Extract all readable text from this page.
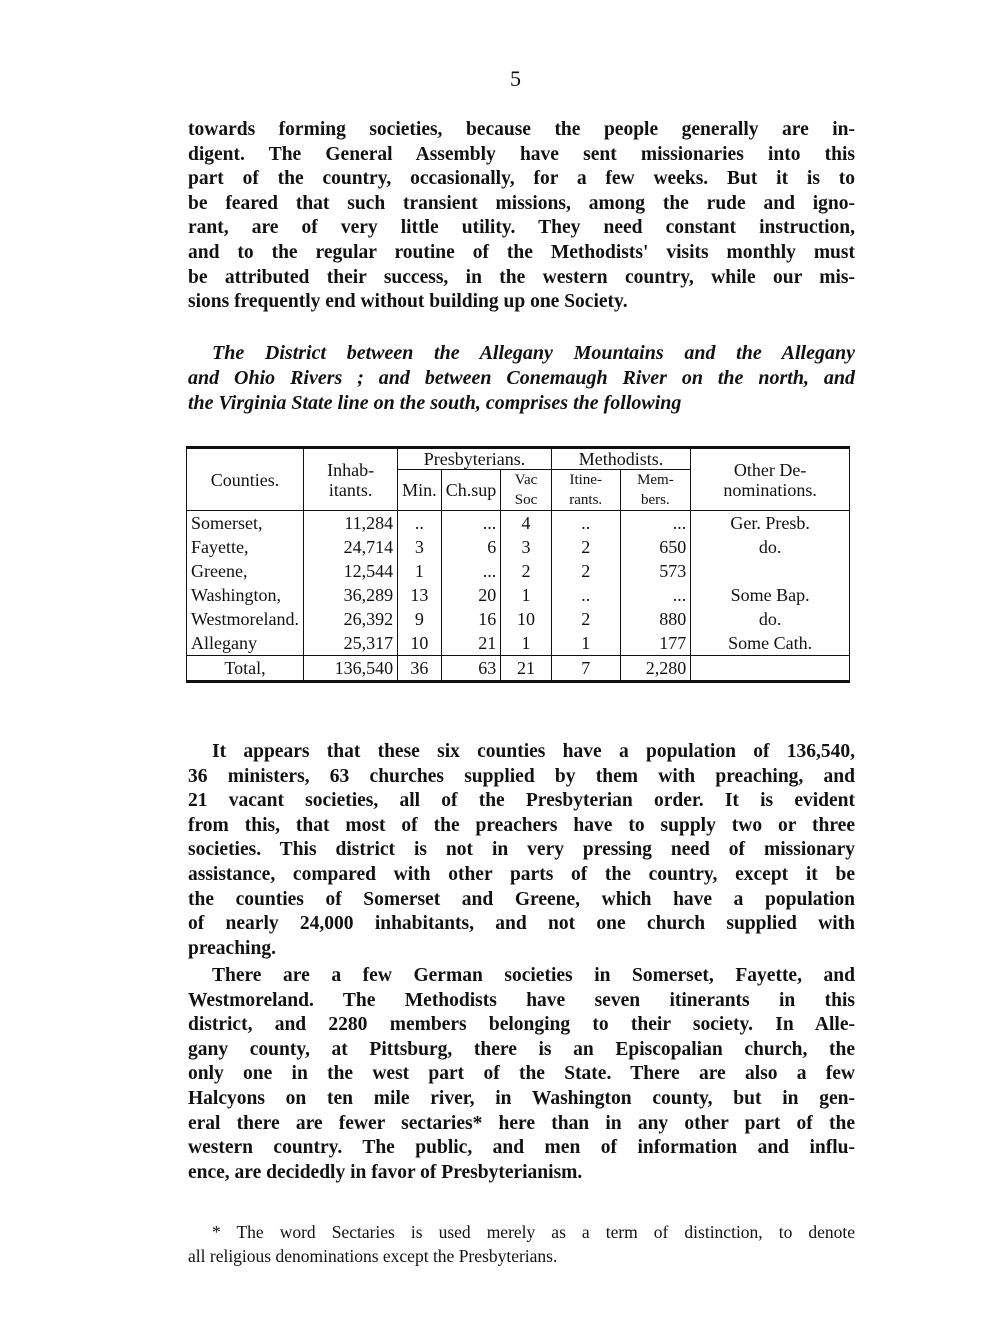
5
towards forming societies, because the people generally are in-
digent. The General Assembly have sent missionaries into this
part of the country, occasionally, for a few weeks. But it is to
be feared that such transient missions, among the rude and igno-
rant, are of very little utility. They need constant instruction,
and to the regular routine of the Methodists' visits monthly must
be attributed their success, in the western country, while our mis-
sions frequently end without building up one Society.
The District between the Allegany Mountains and the Allegany
and Ohio Rivers ; and between Conemaugh River on the north, and
the Virginia State line on the south, comprises the following
Counties.	Inhab- itants.	Presbyterians.			Methodists.		Other De- nominations.
		Min.	Ch.sup	Vac Soc	Itine- rants.	Mem- bers.	
Somerset,	11,284	..	...	4	..	...	Ger. Presb.
Fayette,	24,714	3	6	3	2	650	do.
Greene,	12,544	1	...	2	2	573	
Washington,	36,289	13	20	1	..	...	Some Bap.
Westmoreland.	26,392	9	16	10	2	880	do.
Allegany	25,317	10	21	1	1	177	Some Cath.
Total,	136,540	36	63	21	7	2,280	
It appears that these six counties have a population of 136,540,
36 ministers, 63 churches supplied by them with preaching, and
21 vacant societies, all of the Presbyterian order. It is evident
from this, that most of the preachers have to supply two or three
societies. This district is not in very pressing need of missionary
assistance, compared with other parts of the country, except it be
the counties of Somerset and Greene, which have a population
of nearly 24,000 inhabitants, and not one church supplied with
preaching.
There are a few German societies in Somerset, Fayette, and
Westmoreland. The Methodists have seven itinerants in this
district, and 2280 members belonging to their society. In Alle-
gany county, at Pittsburg, there is an Episcopalian church, the
only one in the west part of the State. There are also a few
Halcyons on ten mile river, in Washington county, but in gen-
eral there are fewer sectaries* here than in any other part of the
western country. The public, and men of information and influ-
ence, are decidedly in favor of Presbyterianism.
* The word Sectaries is used merely as a term of distinction, to denote
all religious denominations except the Presbyterians.
